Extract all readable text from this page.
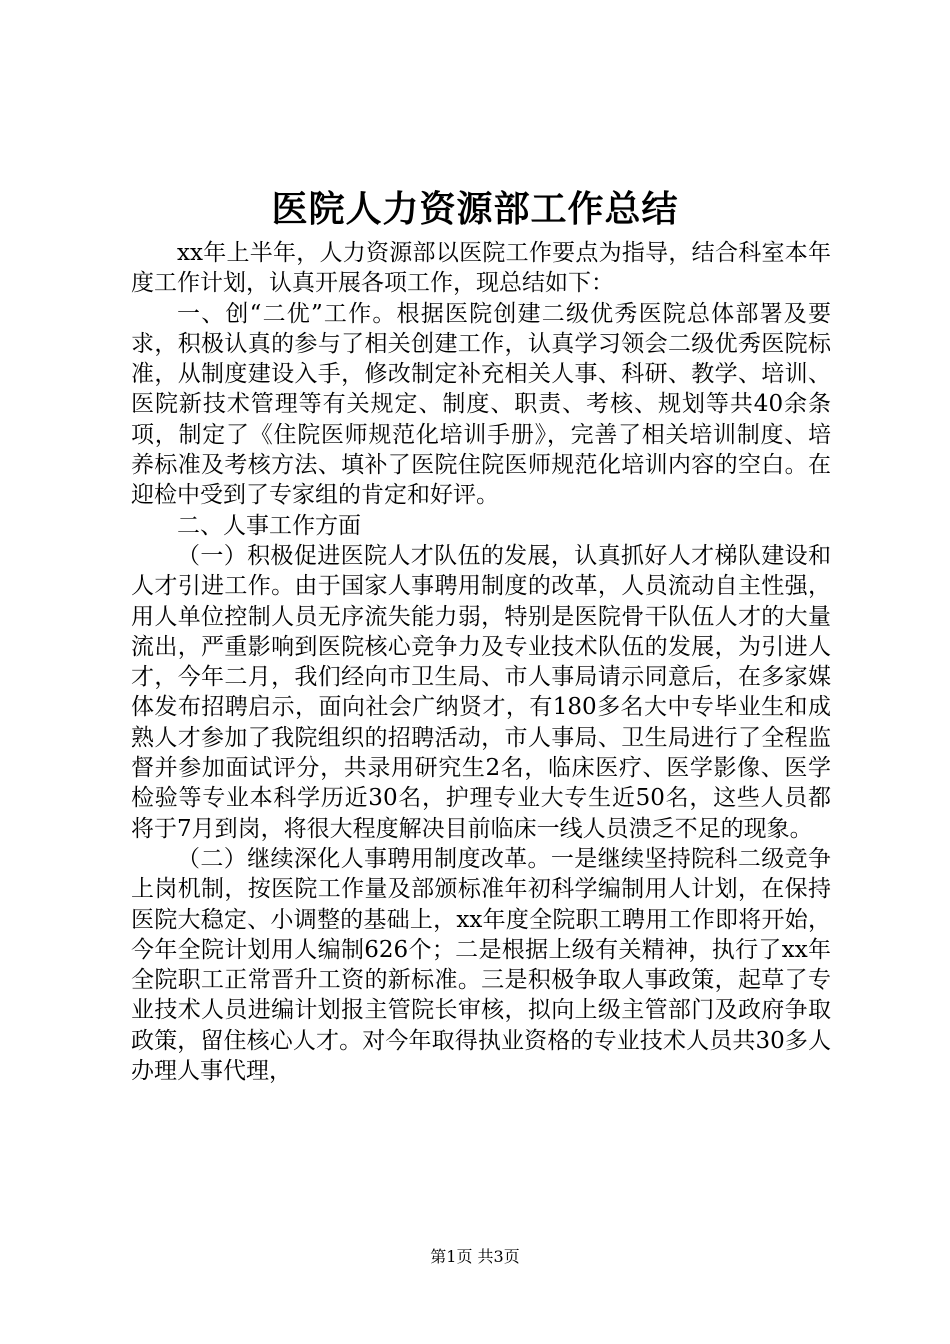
医院人力资源部工作总结

xx年上半年，人力资源部以医院工作要点为指导，结合科室本年度工作计划，认真开展各项工作，现总结如下：

一、创“二优”工作。根据医院创建二级优秀医院总体部署及要求，积极认真的参与了相关创建工作，认真学习领会二级优秀医院标准，从制度建设入手，修改制定补充相关人事、科研、教学、培训、医院新技术管理等有关规定、制度、职责、考核、规划等共40余条项，制定了《住院医师规范化培训手册》，完善了相关培训制度、培养标准及考核方法、填补了医院住院医师规范化培训内容的空白。在迎检中受到了专家组的肯定和好评。

二、人事工作方面

（一）积极促进医院人才队伍的发展，认真抓好人才梯队建设和人才引进工作。由于国家人事聘用制度的改革，人员流动自主性强，用人单位控制人员无序流失能力弱，特别是医院骨干队伍人才的大量流出，严重影响到医院核心竞争力及专业技术队伍的发展，为引进人才，今年二月，我们经向市卫生局、市人事局请示同意后，在多家媒体发布招聘启示，面向社会广纳贤才，有180多名大中专毕业生和成熟人才参加了我院组织的招聘活动，市人事局、卫生局进行了全程监督并参加面试评分，共录用研究生2名，临床医疗、医学影像、医学检验等专业本科学历近30名，护理专业大专生近50名，这些人员都将于7月到岗，将很大程度解决目前临床一线人员溃乏不足的现象。

（二）继续深化人事聘用制度改革。一是继续坚持院科二级竞争上岗机制，按医院工作量及部颁标准年初科学编制用人计划，在保持医院大稳定、小调整的基础上，xx年度全院职工聘用工作即将开始，今年全院计划用人编制626个；二是根据上级有关精神，执行了xx年全院职工正常晋升工资的新标准。三是积极争取人事政策，起草了专业技术人员进编计划报主管院长审核，拟向上级主管部门及政府争取政策，留住核心人才。对今年取得执业资格的专业技术人员共30多人办理人事代理，

第1页 共3页
